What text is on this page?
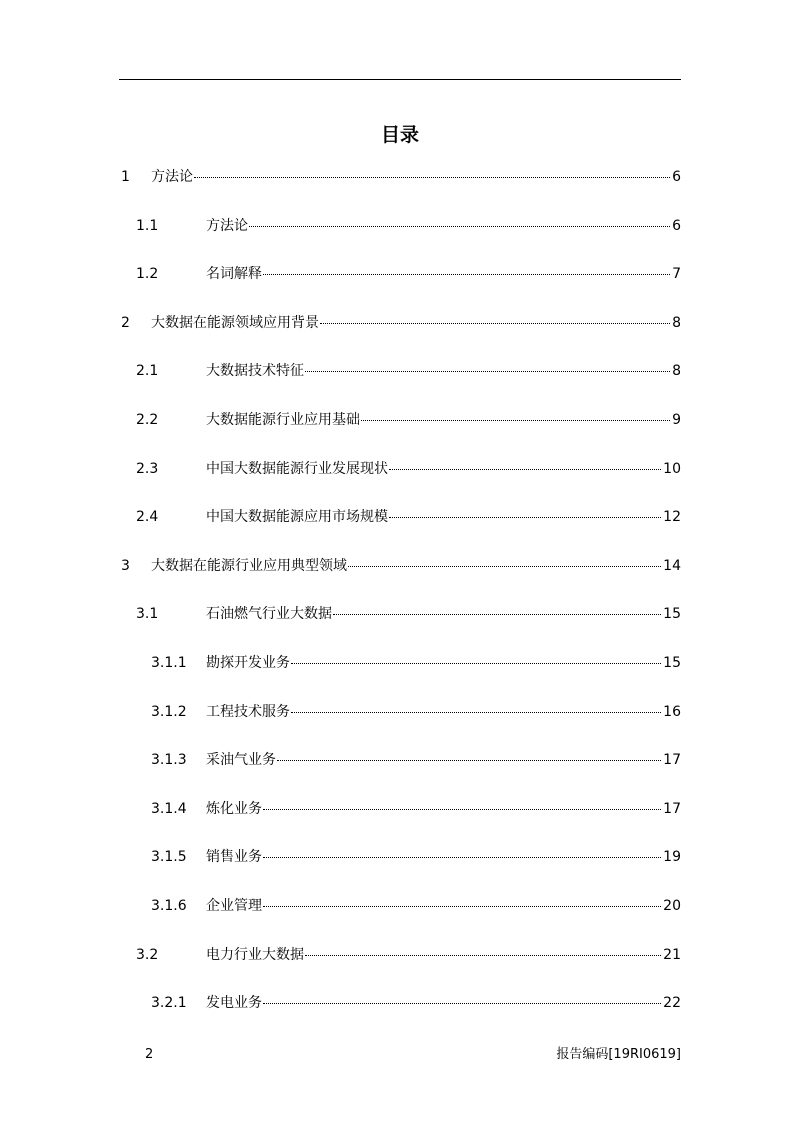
目录
1	方法论	6
1.1	方法论	6
1.2	名词解释	7
2	大数据在能源领域应用背景	8
2.1	大数据技术特征	8
2.2	大数据能源行业应用基础	9
2.3	中国大数据能源行业发展现状	10
2.4	中国大数据能源应用市场规模	12
3	大数据在能源行业应用典型领域	14
3.1	石油燃气行业大数据	15
3.1.1	勘探开发业务	15
3.1.2	工程技术服务	16
3.1.3	采油气业务	17
3.1.4	炼化业务	17
3.1.5	销售业务	19
3.1.6	企业管理	20
3.2	电力行业大数据	21
3.2.1	发电业务	22
2	报告编码[19RI0619]
